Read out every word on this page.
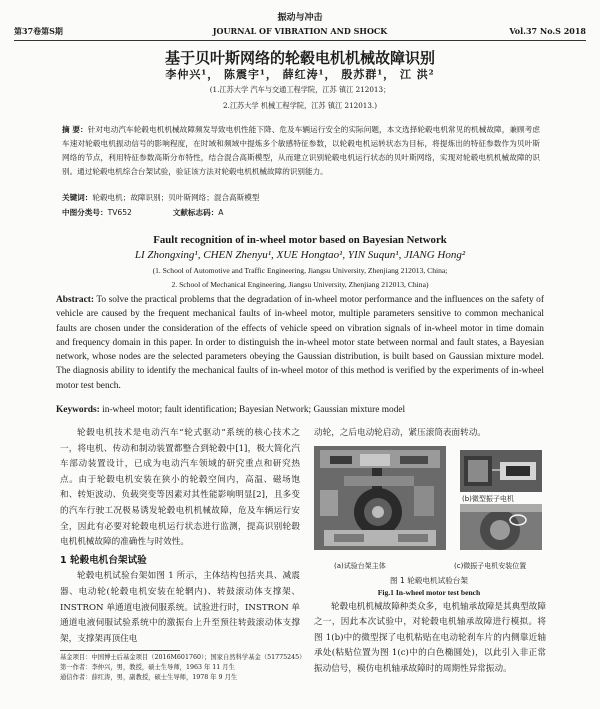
振动与冲击
第37卷第S期	JOURNAL OF VIBRATION AND SHOCK	Vol.37 No.S 2018
基于贝叶斯网络的轮毂电机机械故障识别
李仲兴¹， 陈震宇¹， 薛红涛¹， 殷苏群¹， 江 洪²
(1.江苏大学 汽车与交通工程学院，江苏 镇江 212013；
2.江苏大学 机械工程学院，江苏 镇江 212013.)
摘 要：针对电动汽车轮毂电机机械故障频发导致电机性能下降、危及车辆运行安全的实际问题，本文选择轮毂电机常见的机械故障，兼顾考虑车速对轮毂电机振动信号的影响程度，在时域和频域中提炼多个敏感特征参数，以轮毂电机运转状态为目标，将提炼出的特征参数作为贝叶斯网络的节点，利用特征参数高斯分布特性，结合混合高斯模型，从而建立识别轮毂电机运行状态的贝叶斯网络，实现对轮毂电机机械故障的识别。通过轮毂电机综合台架试验，验证该方法对轮毂电机机械故障的识别能力。
关键词：轮毂电机；故障识别；贝叶斯网络；混合高斯模型
中图分类号：TV652	文献标志码：A
Fault recognition of in-wheel motor based on Bayesian Network
LI Zhongxing¹, CHEN Zhenyu¹, XUE Hongtao¹, YIN Suqun¹, JIANG Hong²
(1. School of Automotive and Traffic Engineering, Jiangsu University, Zhenjiang 212013, China;
2. School of Mechanical Engineering, Jiangsu University, Zhenjiang 212013, China)
Abstract: To solve the practical problems that the degradation of in-wheel motor performance and the influences on the safety of vehicle are caused by the frequent mechanical faults of in-wheel motor, multiple parameters sensitive to common mechanical faults are chosen under the consideration of the effects of vehicle speed on vibration signals of in-wheel motor in time domain and frequency domain in this paper. In order to distinguish the in-wheel motor state between normal and fault states, a Bayesian network, whose nodes are the selected parameters obeying the Gaussian distribution, is built based on Gaussian mixture model. The diagnosis ability to identify the mechanical faults of in-wheel motor of this method is verified by the experiments of in-wheel motor test bench.
Keywords: in-wheel motor; fault identification; Bayesian Network; Gaussian mixture model

轮毂电机技术是电动汽车“轮式驱动”系统的核心技术之一，将电机、传动和制动装置都整合到轮毂中[1]，极大简化汽车部动装置设计，已成为电动汽车领域的研究重点和研究热点。由于轮毂电机安装在狭小的轮毂空间内，高温、磁场饱和、转矩波动、负载突变等因素对其性能影响明显[2]，且多变的汽车行驶工况极易诱发轮毂电机机械故障，危及车辆运行安全，因此有必要对轮毂电机运行状态进行监测，提高识别轮毂电机机械故障的准确性与时效性。

1 轮毂电机台架试验

轮毂电机试验台架如图 1 所示，主体结构包括夹具、减震器、电动轮(轮毂电机安装在轮辋内)、转鼓滚动体支撑架、INSTRON 单通道电液伺服系统。试验进行时，INSTRON 单通道电液伺服试验系统中的激振台上升至预往转鼓滚动体支撑架，支撑架再顶住电

基金项目：中国博士后基金项目（2016M601760）；国家自然科学基金（51775245）
第一作者：李仲兴，男，教授，硕士生导师，1963 年 11 月生
通信作者：薛红涛，男，副教授，硕士生导师，1978 年 9 月生
动轮，之后电动轮启动，紧压滚筒表面转动。
(b)微型振子电机
(a)试验台架主体	(c)微振子电机安装位置
图 1 轮毂电机试验台架
Fig.1 In-wheel motor test bench

轮毂电机机械故障种类众多，电机轴承故障是其典型故障之一，因此本次试验中，对轮毂电机轴承故障进行模拟。将图 1(b)中的微型探了电机粘贴在电动轮刹车片的内侧靠近轴承处(粘贴位置为图 1(c)中的白色椭圆处)，以此引入非正常振动信号，模仿电机轴承故障时的周期性异常振动。
